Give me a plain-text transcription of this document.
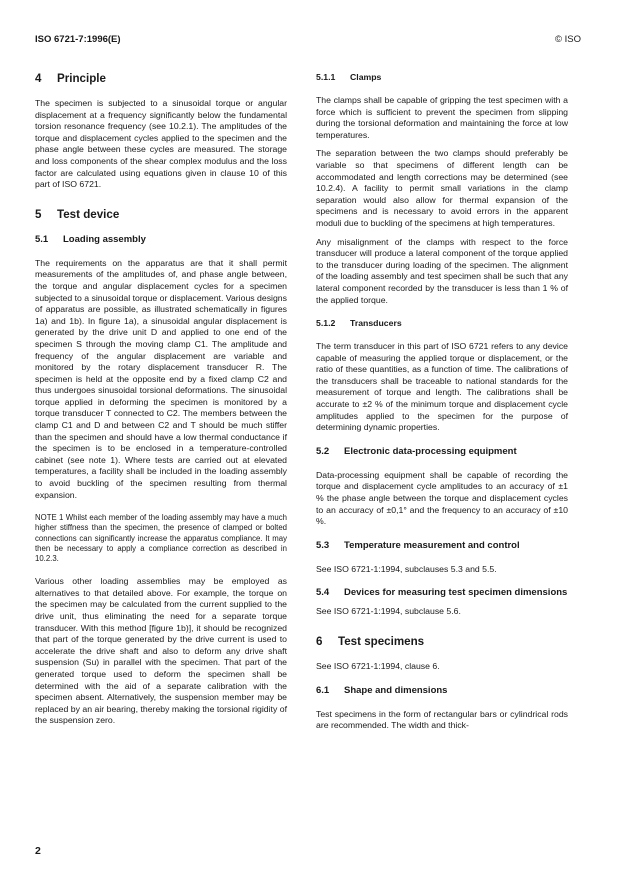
ISO 6721-7:1996(E)	© ISO
4 Principle

The specimen is subjected to a sinusoidal torque or angular displacement at a frequency significantly below the fundamental torsion resonance frequency (see 10.2.1). The amplitudes of the torque and displacement cycles applied to the specimen and the phase angle between these cycles are measured. The storage and loss components of the shear complex modulus and the loss factor are calculated using equations given in clause 10 of this part of ISO 6721.

5 Test device
5.1 Loading assembly

The requirements on the apparatus are that it shall permit measurements of the amplitudes of, and phase angle between, the torque and angular displacement cycles for a specimen subjected to a sinusoidal torque or displacement. Various designs of apparatus are possible, as illustrated schematically in figures 1a) and 1b). In figure 1a), a sinusoidal angular displacement is generated by the drive unit D and applied to one end of the specimen S through the moving clamp C1. The amplitude and frequency of the angular displacement are variable and monitored by the rotary displacement transducer R. The specimen is held at the opposite end by a fixed clamp C2 and thus undergoes sinusoidal torsional deformations. The sinusoidal torque applied in deforming the specimen is monitored by a torque transducer T connected to C2. The members between the clamp C1 and D and between C2 and T should be much stiffer than the specimen and should have a low thermal conductance if the specimen is to be enclosed in a temperature-controlled cabinet (see note 1). Where tests are carried out at elevated temperatures, a facility shall be included in the loading assembly to avoid buckling of the specimen resulting from thermal expansion.

NOTE 1 Whilst each member of the loading assembly may have a much higher stiffness than the specimen, the presence of clamped or bolted connections can significantly increase the apparatus compliance. It may then be necessary to apply a compliance correction as described in 10.2.3.

Various other loading assemblies may be employed as alternatives to that detailed above. For example, the torque on the specimen may be calculated from the current supplied to the drive unit, thus eliminating the need for a separate torque transducer. With this method [figure 1b)], it should be recognized that part of the torque generated by the drive current is used to accelerate the drive shaft and also to deform any drive shaft suspension (Su) in parallel with the specimen. That part of the generated torque used to deform the specimen shall be determined with the aid of a separate calibration with the specimen absent. Alternatively, the suspension member may be replaced by an air bearing, thereby making the torsional rigidity of the suspension zero.

5.1.1 Clamps

The clamps shall be capable of gripping the test specimen with a force which is sufficient to prevent the specimen from slipping during the torsional deformation and maintaining the force at low temperatures.

The separation between the two clamps should preferably be variable so that specimens of different length can be accommodated and length corrections may be determined (see 10.2.4). A facility to permit small variations in the clamp separation would also allow for thermal expansion of the specimens and is necessary to avoid errors in the apparent moduli due to buckling of the specimens at high temperatures.

Any misalignment of the clamps with respect to the force transducer will produce a lateral component of the torque applied to the transducer during loading of the specimen. The alignment of the loading assembly and test specimen shall be such that any lateral component recorded by the transducer is less than 1 % of the applied torque.

5.1.2 Transducers

The term transducer in this part of ISO 6721 refers to any device capable of measuring the applied torque or displacement, or the ratio of these quantities, as a function of time. The calibrations of the transducers shall be traceable to national standards for the measurement of torque and length. The calibrations shall be accurate to ±2 % of the minimum torque and displacement cycle amplitudes applied to the specimen for the purpose of determining dynamic properties.

5.2 Electronic data-processing equipment

Data-processing equipment shall be capable of recording the torque and displacement cycle amplitudes to an accuracy of ±1 % the phase angle between the torque and displacement cycles to an accuracy of ±0,1° and the frequency to an accuracy of ±10 %.

5.3 Temperature measurement and control

See ISO 6721-1:1994, subclauses 5.3 and 5.5.

5.4 Devices for measuring test specimen dimensions

See ISO 6721-1:1994, subclause 5.6.

6 Test specimens

See ISO 6721-1:1994, clause 6.

6.1 Shape and dimensions

Test specimens in the form of rectangular bars or cylindrical rods are recommended. The width and thick-

2
